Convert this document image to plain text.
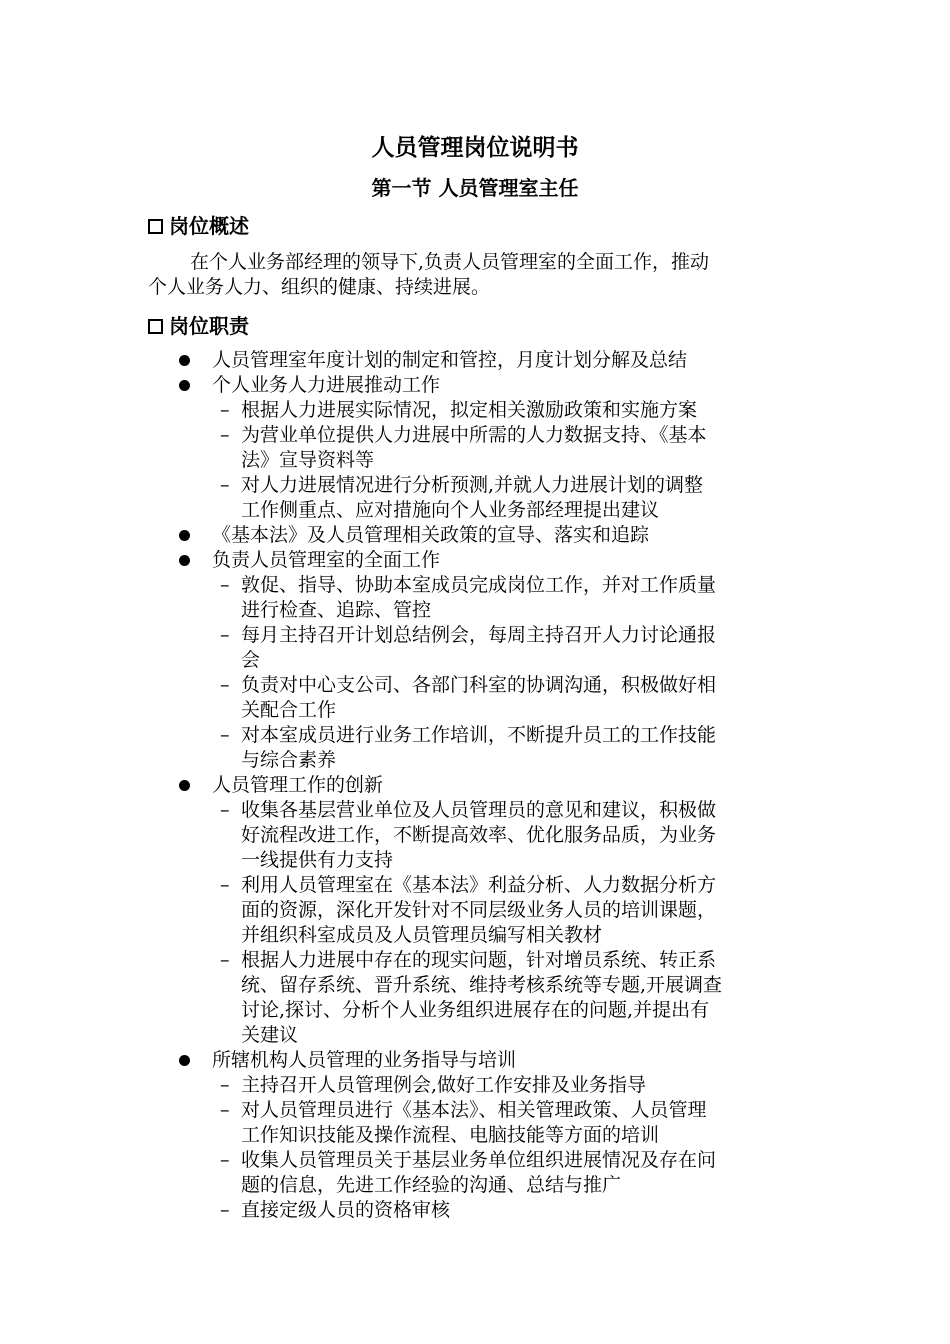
人员管理岗位说明书
第一节 人员管理室主任
岗位概述
在个人业务部经理的领导下,负责人员管理室的全面工作，推动
个人业务人力、组织的健康、持续进展。
岗位职责
人员管理室年度计划的制定和管控，月度计划分解及总结
个人业务人力进展推动工作
– 根据人力进展实际情况，拟定相关激励政策和实施方案
– 为营业单位提供人力进展中所需的人力数据支持、《基本
法》宣导资料等
– 对人力进展情况进行分析预测,并就人力进展计划的调整
工作侧重点、应对措施向个人业务部经理提出建议
《基本法》及人员管理相关政策的宣导、落实和追踪
负责人员管理室的全面工作
– 敦促、指导、协助本室成员完成岗位工作，并对工作质量
进行检查、追踪、管控
– 每月主持召开计划总结例会，每周主持召开人力讨论通报
会
– 负责对中心支公司、各部门科室的协调沟通，积极做好相
关配合工作
– 对本室成员进行业务工作培训，不断提升员工的工作技能
与综合素养
人员管理工作的创新
– 收集各基层营业单位及人员管理员的意见和建议，积极做
好流程改进工作，不断提高效率、优化服务品质，为业务
一线提供有力支持
– 利用人员管理室在《基本法》利益分析、人力数据分析方
面的资源，深化开发针对不同层级业务人员的培训课题，
并组织科室成员及人员管理员编写相关教材
– 根据人力进展中存在的现实问题，针对增员系统、转正系
统、留存系统、晋升系统、维持考核系统等专题,开展调查
讨论,探讨、分析个人业务组织进展存在的问题,并提出有
关建议
所辖机构人员管理的业务指导与培训
– 主持召开人员管理例会,做好工作安排及业务指导
– 对人员管理员进行《基本法》、相关管理政策、人员管理
工作知识技能及操作流程、电脑技能等方面的培训
– 收集人员管理员关于基层业务单位组织进展情况及存在问
题的信息，先进工作经验的沟通、总结与推广
– 直接定级人员的资格审核
